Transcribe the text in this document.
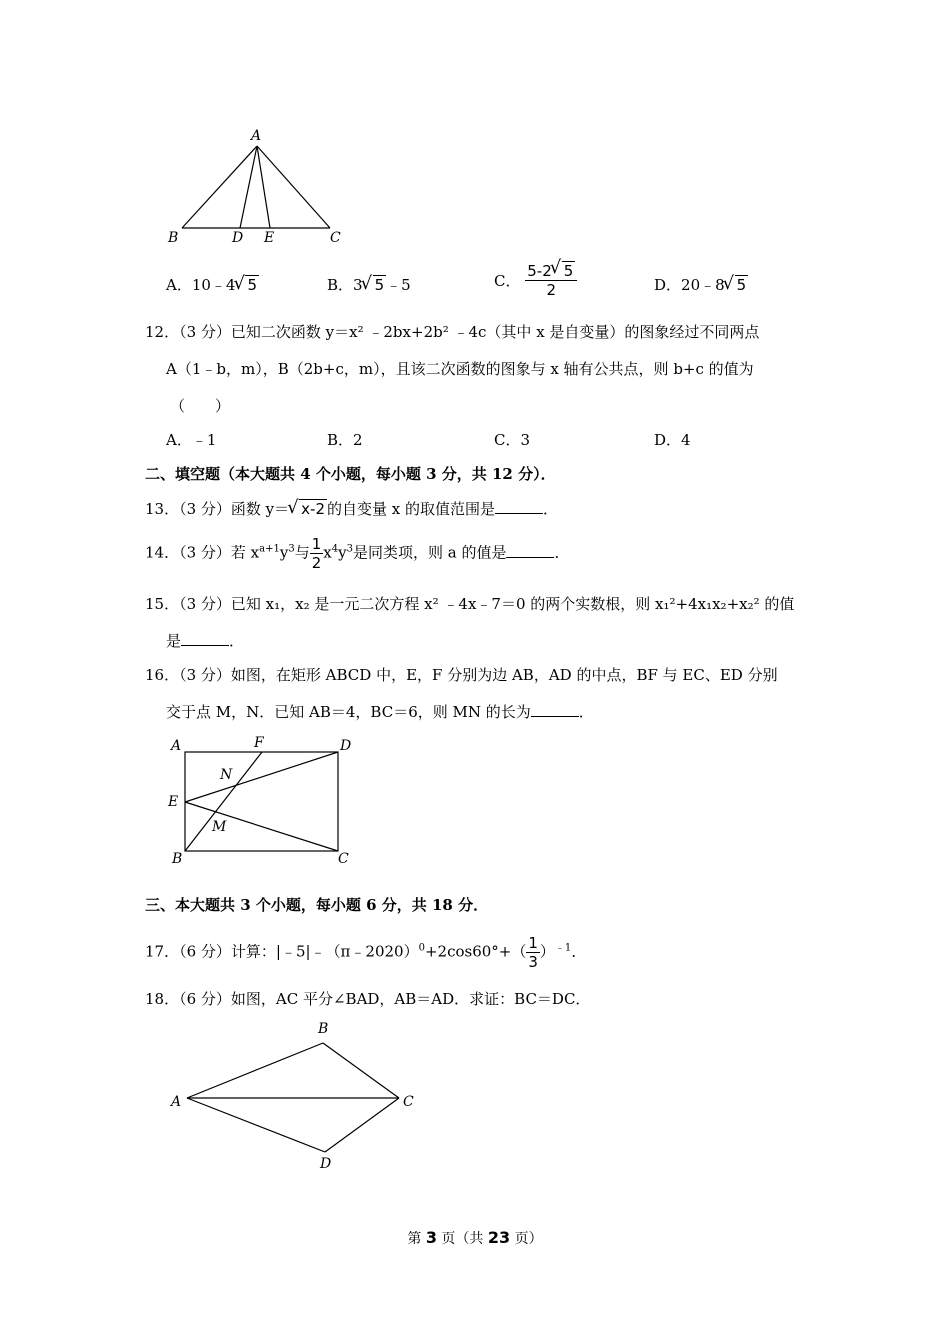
A
B	D E	C
A．10﹣4 √ 5	B．3 √ 5 ﹣5	C． $\frac{5-2 √ 5}{2}$	D．20﹣8 √ 5
12．（3 分）已知二次函数 y＝x² ﹣2bx+2b² ﹣4c（其中 x 是自变量）的图象经过不同两点
A（1﹣b，m），B（2b+c，m），且该二次函数的图象与 x 轴有公共点，则 b+c 的值为
（　　）
A．﹣1	B．2	C．3	D．4
二、填空题（本大题共 4 个小题，每小题 3 分，共 12 分）．
13．（3 分）函数 y＝ √ x-2 的自变量 x 的取值范围是	．
14．（3 分）若 $x^{a+1}y^3$与 $\frac{1}{2} x^4y^3$是同类项，则 a 的值是	．
15．（3 分）已知 x₁，x₂ 是一元二次方程 x² ﹣4x﹣7＝0 的两个实数根，则 x₁²+4x₁x₂+x₂² 的值
是	．
16．（3 分）如图，在矩形 ABCD 中，E，F 分别为边 AB，AD 的中点，BF 与 EC、ED 分别
交于点 M，N．已知 AB＝4，BC＝6，则 MN 的长为	．
A	F	D
N
E
M
B	C
三、本大题共 3 个小题，每小题 6 分，共 18 分．
17．（6 分）计算：|﹣5|﹣（π﹣2020）$^0$+2cos60°+（ $\frac{1}{3} )^{﹣1}$．
18．（6 分）如图，AC 平分∠BAD，AB＝AD．求证：BC＝DC．
B
A	C
D
第 3 页（共 23 页）
